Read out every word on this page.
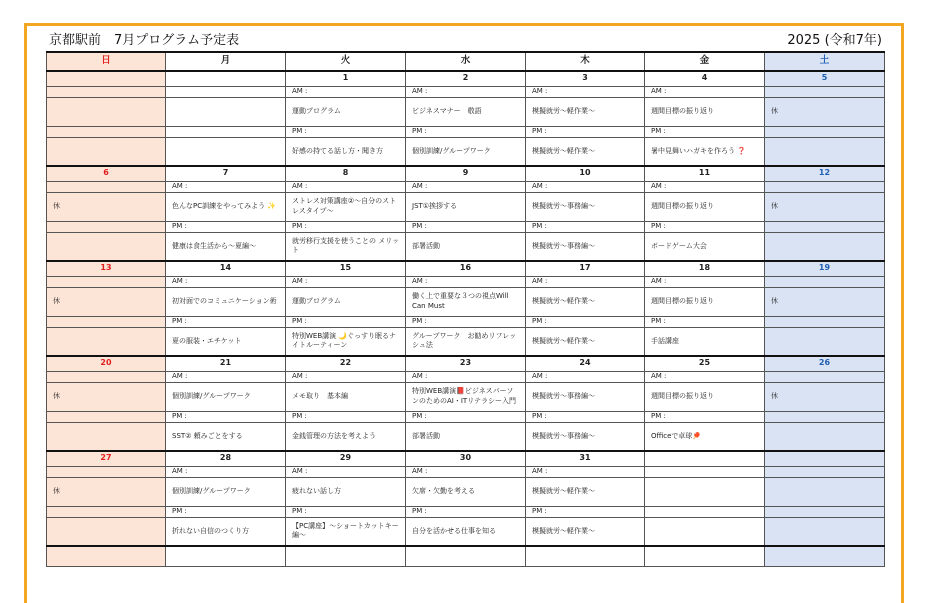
京都駅前　7月プログラム予定表	2025 (令和7年)
日	月	火	水	木	金	土
		1	2	3	4	5
		AM :	AM :	AM :	AM :	
		運動プログラム	ビジネスマナー　敬語	模擬就労～軽作業～	週間目標の振り返り	休
		PM :	PM :	PM :	PM :	
		好感の持てる話し方・聞き方	個別訓練/グループワーク	模擬就労～軽作業～	暑中見舞いハガキを作ろう ❓	
6	7	8	9	10	11	12
	AM :	AM :	AM :	AM :	AM :	
休	色んなPC訓練をやってみよう ✨	ストレス対策講座②～自分のストレスタイプ～	JST①挨拶する	模擬就労～事務編～	週間目標の振り返り	休
	PM :	PM :	PM :	PM :	PM :	
	健康は食生活から～夏編～	就労移行支援を使うことの メリット	部署活動	模擬就労～事務編～	ボードゲーム大会	
13	14	15	16	17	18	19
	AM :	AM :	AM :	AM :	AM :	
休	初対面でのコミュニケーション術	運動プログラム	働く上で重要な３つの視点Will　Can Must	模擬就労～軽作業～	週間目標の振り返り	休
	PM :	PM :	PM :	PM :	PM :	
	夏の服装・エチケット	特別WEB講演 🌙ぐっすり眠るナイトルーティーン	グループワーク　お勧めリフレッシュ法	模擬就労～軽作業～	手話講座	
20	21	22	23	24	25	26
	AM :	AM :	AM :	AM :	AM :	
休	個別訓練/グループワーク	メモ取り　基本編	特別WEB講演📕ビジネスパーソンのためのAI・ITリテラシー入門	模擬就労～事務編～	週間目標の振り返り	休
	PM :	PM :	PM :	PM :	PM :	
	SST② 頼みごとをする	金銭管理の方法を考えよう	部署活動	模擬就労～事務編～	Officeで卓球🏓	
27	28	29	30	31		
	AM :	AM :	AM :	AM :		
休	個別訓練/グループワーク	疲れない話し方	欠席・欠勤を考える	模擬就労～軽作業～		
	PM :	PM :	PM :	PM :		
	折れない自信のつくり方	【PC講座】～ショートカットキー編～	自分を活かせる仕事を知る	模擬就労～軽作業～		
